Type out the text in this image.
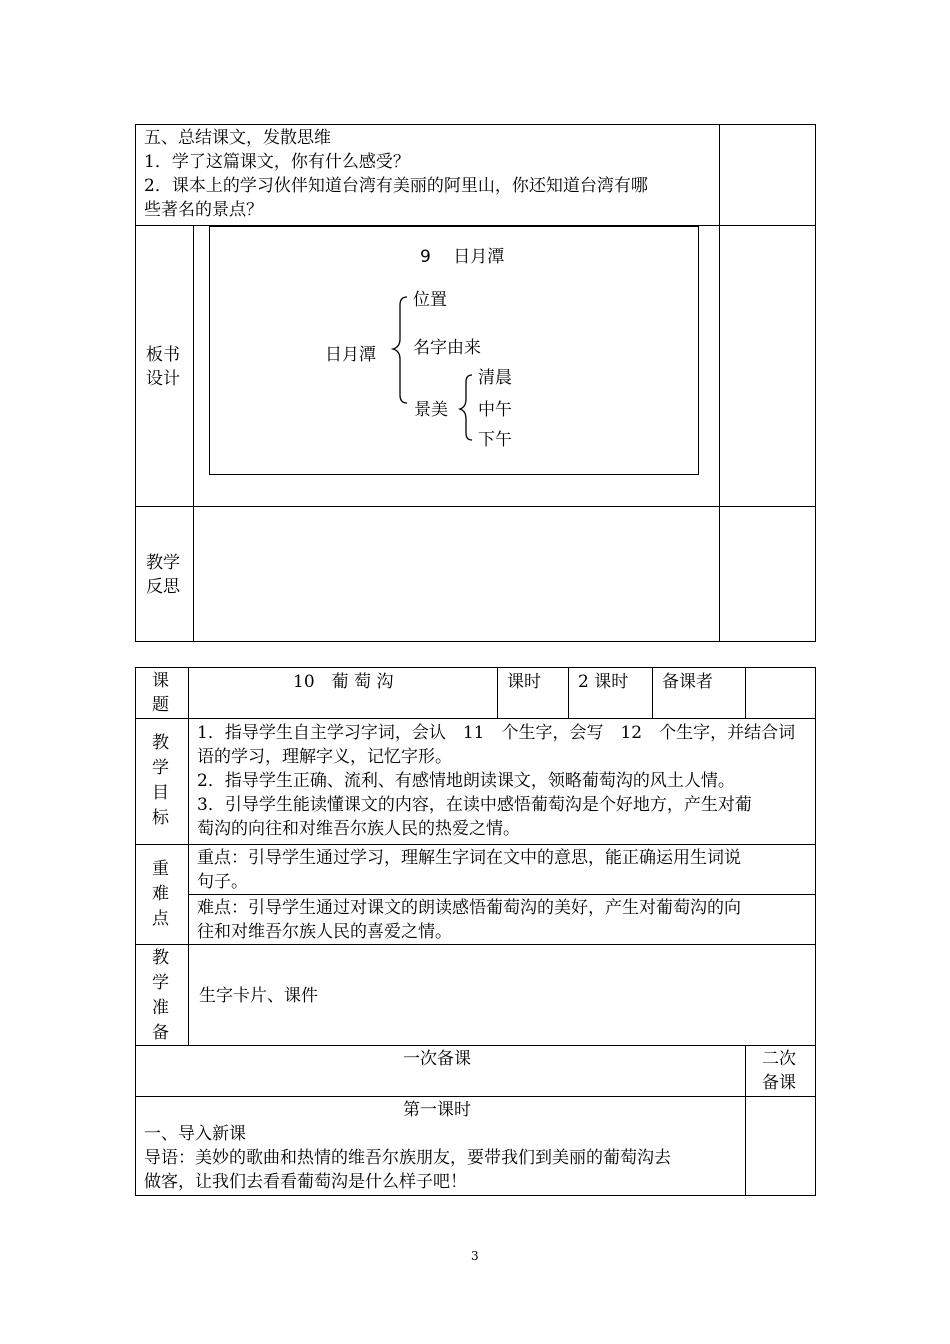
五、总结课文，发散思维
1．学了这篇课文，你有什么感受？
2．课本上的学习伙伴知道台湾有美丽的阿里山，你还知道台湾有哪
些著名的景点？
板书
设计
9　 日月潭
日月潭
位置
名字由来
景美
清晨
中午
下午
教学
反思
课
题
10　葡 萄 沟	课时 2 课时 备课者
教
学
目
标
1．指导学生自主学习字词，会认　11　个生字，会写　12　个生字，并结合词
语的学习，理解字义，记忆字形。
2．指导学生正确、流利、有感情地朗读课文，领略葡萄沟的风土人情。
3．引导学生能读懂课文的内容，在读中感悟葡萄沟是个好地方，产生对葡
萄沟的向往和对维吾尔族人民的热爱之情。
重
难
点
重点：引导学生通过学习，理解生字词在文中的意思，能正确运用生词说
句子。
难点：引导学生通过对课文的朗读感悟葡萄沟的美好，产生对葡萄沟的向
往和对维吾尔族人民的喜爱之情。
教
学
准
备
生字卡片、课件
一次备课	二次
备课
第一课时
一、导入新课
导语：美妙的歌曲和热情的维吾尔族朋友，要带我们到美丽的葡萄沟去
做客，让我们去看看葡萄沟是什么样子吧！
3
